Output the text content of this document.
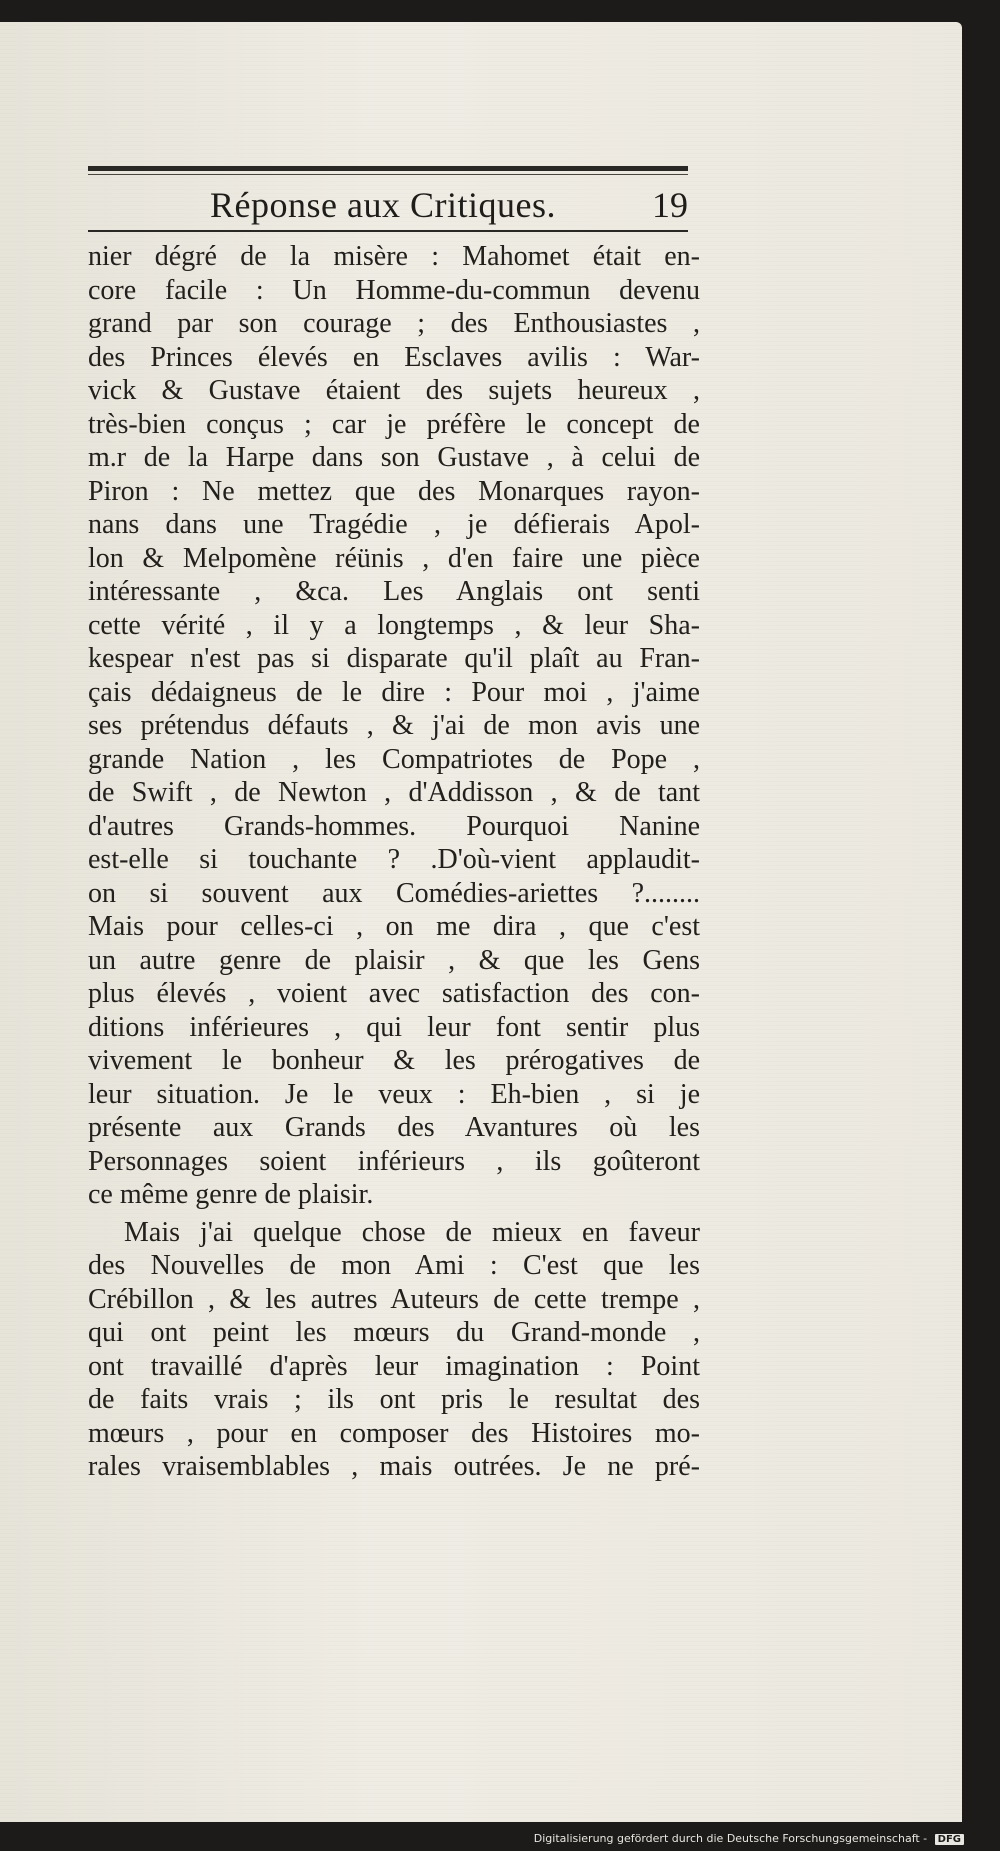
Réponse aux Critiques.	19
nier dégré de la misère : Mahomet était en-
core facile : Un Homme-du-commun devenu
grand par son courage ; des Enthousiastes ,
des Princes élevés en Esclaves avilis : War-
vick & Gustave étaient des sujets heureux ,
très-bien conçus ; car je préfère le concept de
m.r de la Harpe dans son Gustave , à celui de
Piron : Ne mettez que des Monarques rayon-
nans dans une Tragédie , je défierais Apol-
lon & Melpomène réünis , d'en faire une pièce
intéressante , &ca. Les Anglais ont senti
cette vérité , il y a longtemps , & leur Sha-
kespear n'est pas si disparate qu'il plaît au Fran-
çais dédaigneus de le dire : Pour moi , j'aime
ses prétendus défauts , & j'ai de mon avis une
grande Nation , les Compatriotes de Pope ,
de Swift , de Newton , d'Addisson , & de tant
d'autres Grands-hommes. Pourquoi Nanine
est-elle si touchante ? .D'où-vient applaudit-
on si souvent aux Comédies-ariettes ?........
Mais pour celles-ci , on me dira , que c'est
un autre genre de plaisir , & que les Gens
plus élevés , voient avec satisfaction des con-
ditions inférieures , qui leur font sentir plus
vivement le bonheur & les prérogatives de
leur situation. Je le veux : Eh-bien , si je
présente aux Grands des Avantures où les
Personnages soient inférieurs , ils goûteront
ce même genre de plaisir.
Mais j'ai quelque chose de mieux en faveur
des Nouvelles de mon Ami : C'est que les
Crébillon , & les autres Auteurs de cette trempe ,
qui ont peint les mœurs du Grand-monde ,
ont travaillé d'après leur imagination : Point
de faits vrais ; ils ont pris le resultat des
mœurs , pour en composer des Histoires mo-
rales vraisemblables , mais outrées. Je ne pré-
Digitalisierung gefördert durch die Deutsche Forschungsgemeinschaft - DFG
